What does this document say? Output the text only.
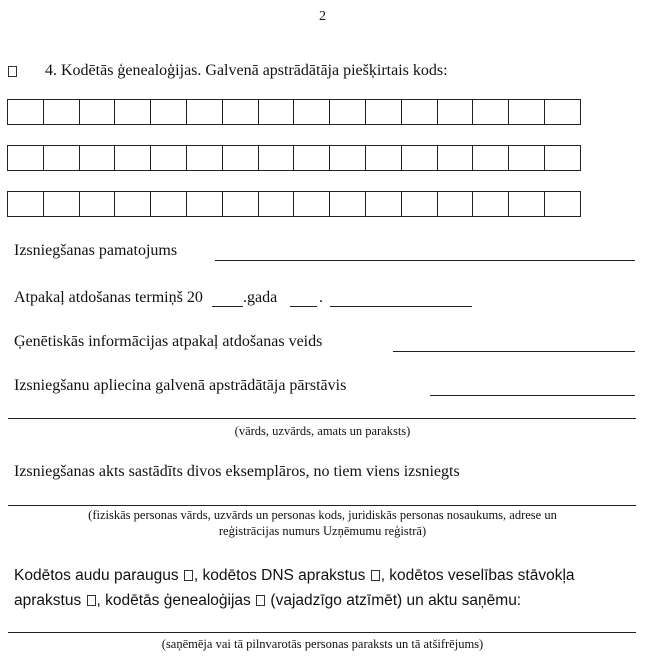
2
4. Kodētās ģenealoģijas. Galvenā apstrādātāja piešķirtais kods:
Izsniegšanas pamatojums
Atpakaļ atdošanas termiņš 20	.gada	.
Ģenētiskās informācijas atpakaļ atdošanas veids
Izsniegšanu apliecina galvenā apstrādātāja pārstāvis
(vārds, uzvārds, amats un paraksts)
Izsniegšanas akts sastādīts divos eksemplāros, no tiem viens izsniegts
(fiziskās personas vārds, uzvārds un personas kods, juridiskās personas nosaukums, adrese un
reģistrācijas numurs Uzņēmumu reģistrā)
Kodētos audu paraugus , kodētos DNS aprakstus , kodētos veselības stāvokļa
aprakstus , kodētās ģenealoģijas (vajadzīgo atzīmēt) un aktu saņēmu:
(saņēmēja vai tā pilnvarotās personas paraksts un tā atšifrējums)
